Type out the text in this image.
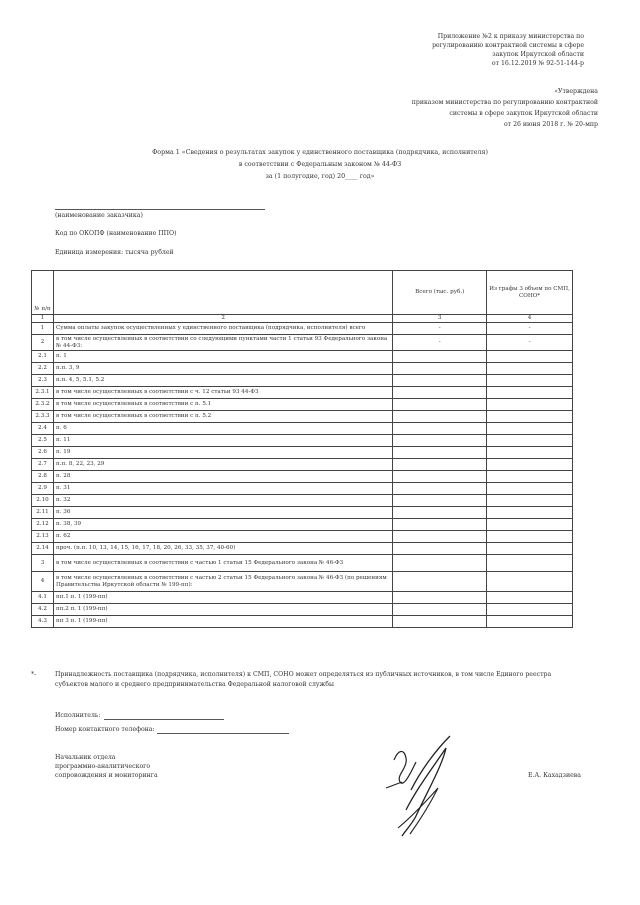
Приложение №2 к приказу министерства по
регулированию контрактной системы в сфере
закупок Иркутской области
от 16.12.2019 № 92-51-144-р
«Утверждена
приказом министерства по регулированию контрактной
системы в сфере закупок Иркутской области
от 26 июня 2018 г. № 20-мпр
Форма 1 «Сведения о результатах закупок у единственного поставщика (подрядчика, исполнителя)
в соответствии с Федеральным законом № 44-ФЗ
за (1 полугодие, год) 20____ год»
(наименование заказчика)
Код по ОКОПФ (наименование ППО)
Единица измерения: тысяча рублей
№ п/п		Всего (тыс. руб.)	Из графы 3 объем по СМП, СОНО*
1	2	3	4
1	Сумма оплаты закупок осуществленных у единственного поставщика (подрядчика, исполнителя) всего	-	-
2	в том числе осуществленных в соответствии со следующими пунктами части 1 статьи 93 Федерального закона № 44-ФЗ:	-	-
2.1	п. 1		
2.2	п.п. 3, 9		
2.3	п.п. 4, 5, 5.1, 5.2		
2.3.1	в том числе осуществленных в соответствии с ч. 12 статьи 93 44-ФЗ		
2.3.2	в том числе осуществленных в соответствии с п. 5.1		
2.3.3	в том числе осуществленных в соответствии с п. 5.2		
2.4	п. 6		
2.5	п. 11		
2.6	п. 19		
2.7	п.п. 8, 22, 23, 29		
2.8	п. 28		
2.9	п. 31		
2.10	п. 32		
2.11	п. 36		
2.12	п. 38, 39		
2.13	п. 62		
2.14	проч. (п.п. 10, 13, 14, 15, 16, 17, 18, 20, 26, 33, 35, 37, 40-60)		
3	в том числе осуществленных в соответствии с частью 1 статьи 15 Федерального закона № 46-ФЗ		
4	в том числе осуществленных в соответствии с частью 2 статьи 15 Федерального закона № 46-ФЗ (по решениям Правительства Иркутской области № 199-пп):		
4.1	пп.1 п. 1 (199-пп)		
4.2	пп.2 п. 1 (199-пп)		
4.3	пп 3 п. 1 (199-пп)		
*-	Принадлежность поставщика (подрядчика, исполнителя) к СМП, СОНО может определяться из публичных источников, в том числе Единого реестра
субъектов малого и среднего предпринимательства Федеральной налоговой службы
Исполнитель:
Номер контактного телефона:
Начальник отдела
программно-аналитического
сопровождения и мониторинга	Е.А. Кахадзиевa
